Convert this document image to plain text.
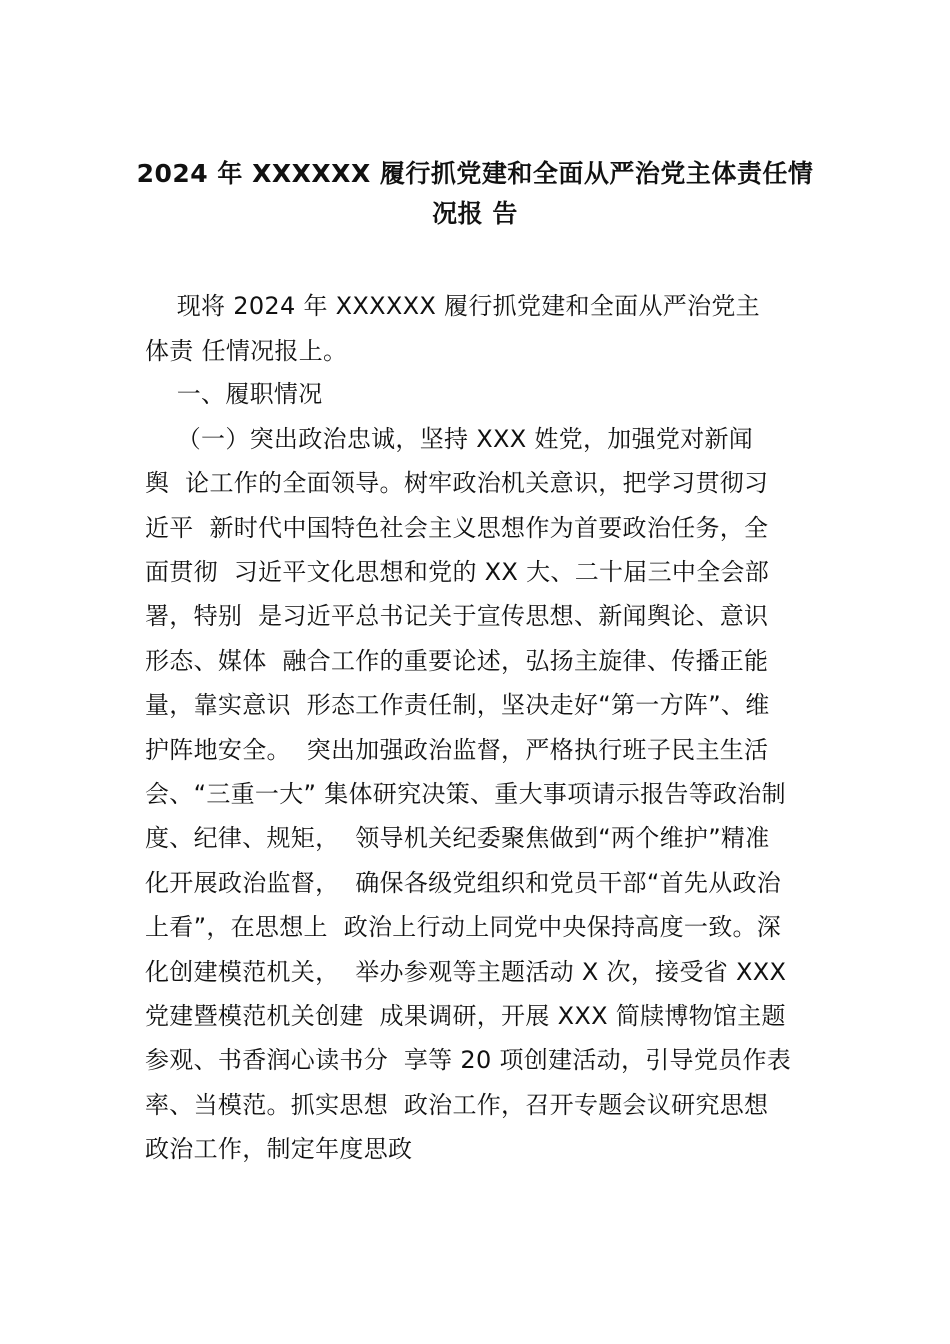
2024 年 XXXXXX 履行抓党建和全面从严治党主体责任情
况报 告
现将 2024 年 XXXXXX 履行抓党建和全面从严治党主
体责 任情况报上。
一、履职情况
（一）突出政治忠诚，坚持 XXX 姓党，加强党对新闻
舆  论工作的全面领导。树牢政治机关意识，把学习贯彻习
近平  新时代中国特色社会主义思想作为首要政治任务，全
面贯彻  习近平文化思想和党的 XX 大、二十届三中全会部
署，特别  是习近平总书记关于宣传思想、新闻舆论、意识
形态、媒体  融合工作的重要论述，弘扬主旋律、传播正能
量，靠实意识  形态工作责任制，坚决走好“第一方阵”、维
护阵地安全。  突出加强政治监督，严格执行班子民主生活
会、“三重一大” 集体研究决策、重大事项请示报告等政治制
度、纪律、规矩，  领导机关纪委聚焦做到“两个维护”精准
化开展政治监督，  确保各级党组织和党员干部“首先从政治
上看”，在思想上  政治上行动上同党中央保持高度一致。深
化创建模范机关，  举办参观等主题活动 X 次，接受省 XXX
党建暨模范机关创建  成果调研，开展 XXX 简牍博物馆主题
参观、书香润心读书分  享等 20 项创建活动，引导党员作表
率、当模范。抓实思想  政治工作，召开专题会议研究思想
政治工作，制定年度思政
